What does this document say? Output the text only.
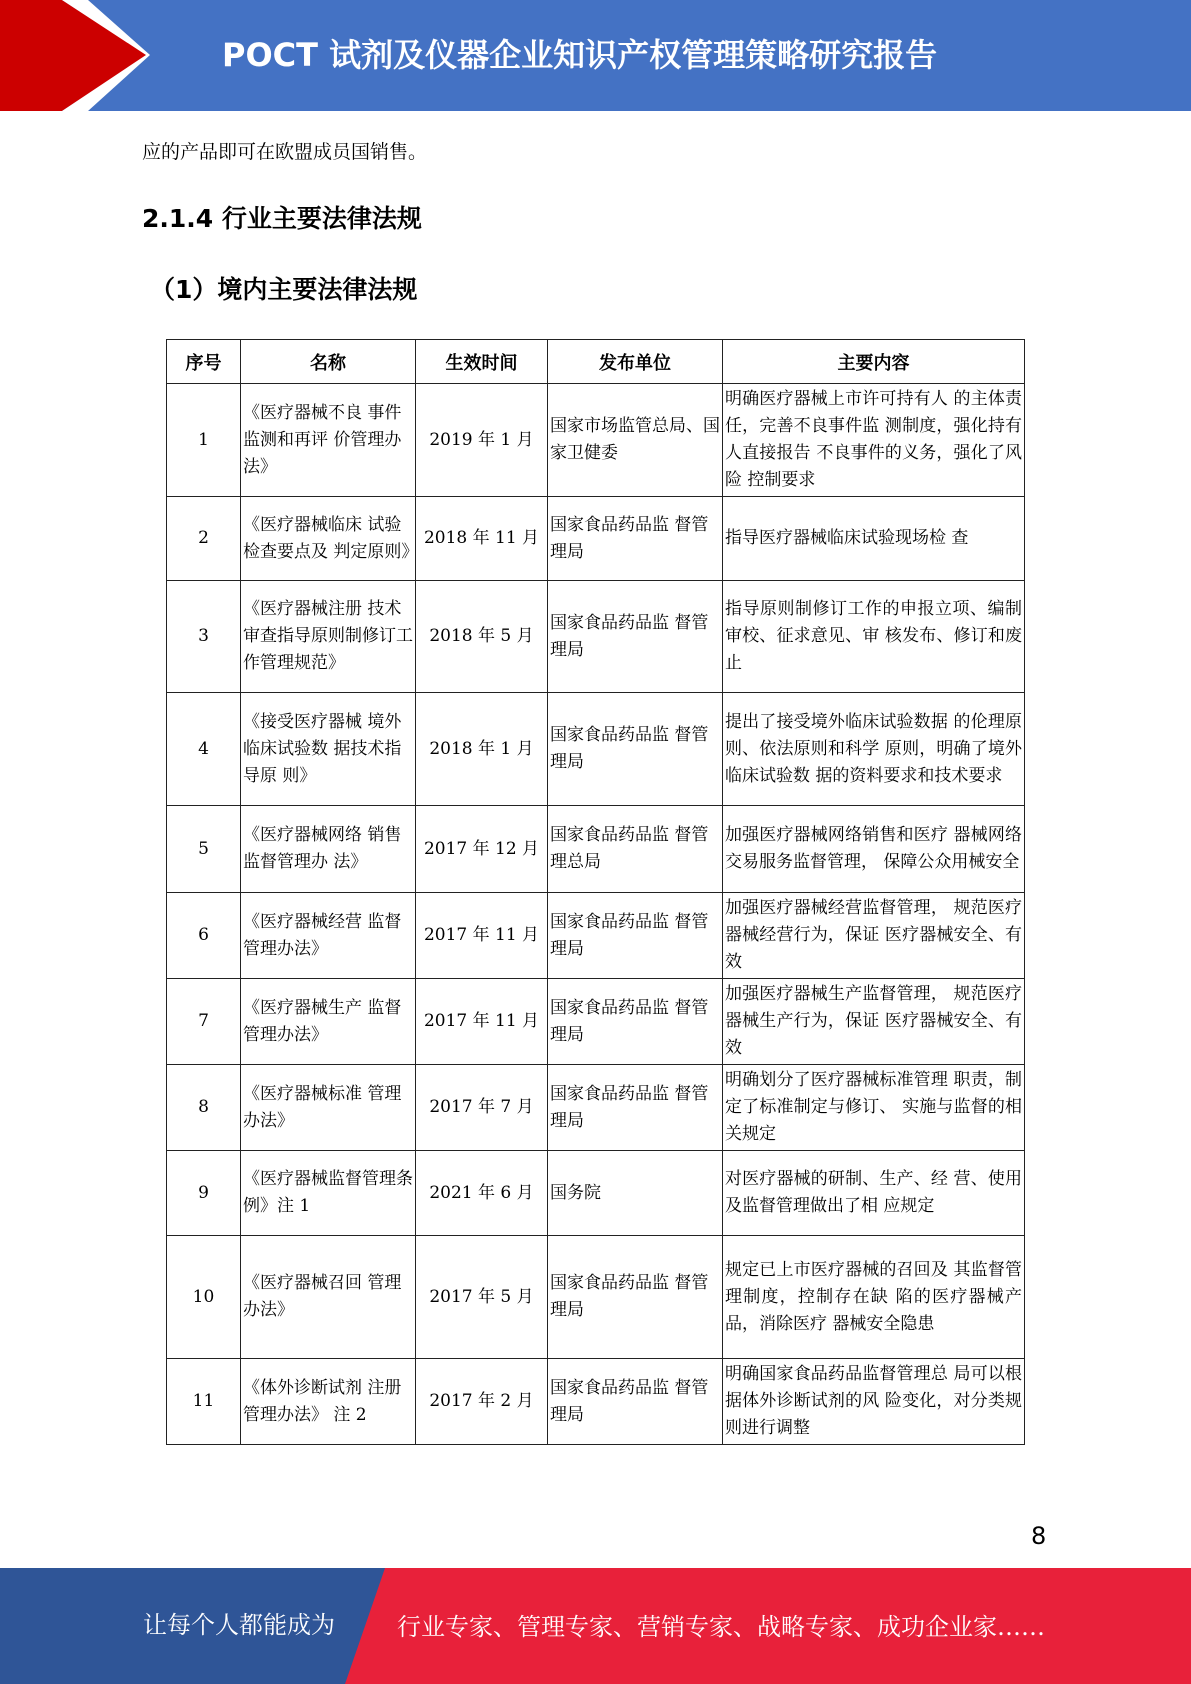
POCT 试剂及仪器企业知识产权管理策略研究报告
应的产品即可在欧盟成员国销售。
2.1.4 行业主要法律法规
（1）境内主要法律法规
序号	名称	生效时间	发布单位	主要内容
1	《医疗器械不良 事件监测和再评 价管理办法》	2019 年 1 月	国家市场监管总局、国家卫健委	明确医疗器械上市许可持有人 的主体责任，完善不良事件监 测制度，强化持有人直接报告 不良事件的义务，强化了风险 控制要求
2	《医疗器械临床 试验检查要点及 判定原则》	2018 年 11 月	国家食品药品监 督管理局	指导医疗器械临床试验现场检 查
3	《医疗器械注册 技术审查指导原则制修订工作管理规范》	2018 年 5 月	国家食品药品监 督管理局	指导原则制修订工作的申报立项、编制审校、征求意见、审 核发布、修订和废止
4	《接受医疗器械 境外临床试验数 据技术指导原 则》	2018 年 1 月	国家食品药品监 督管理局	提出了接受境外临床试验数据 的伦理原则、依法原则和科学 原则，明确了境外临床试验数 据的资料要求和技术要求
5	《医疗器械网络 销售监督管理办 法》	2017 年 12 月	国家食品药品监 督管理总局	加强医疗器械网络销售和医疗 器械网络交易服务监督管理， 保障公众用械安全
6	《医疗器械经营 监督管理办法》	2017 年 11 月	国家食品药品监 督管理局	加强医疗器械经营监督管理， 规范医疗器械经营行为，保证 医疗器械安全、有效
7	《医疗器械生产 监督管理办法》	2017 年 11 月	国家食品药品监 督管理局	加强医疗器械生产监督管理， 规范医疗器械生产行为，保证 医疗器械安全、有效
8	《医疗器械标准 管理办法》	2017 年 7 月	国家食品药品监 督管理局	明确划分了医疗器械标准管理 职责，制定了标准制定与修订、 实施与监督的相关规定
9	《医疗器械监督管理条例》注 1	2021 年 6 月	国务院	对医疗器械的研制、生产、经 营、使用及监督管理做出了相 应规定
10	《医疗器械召回 管理办法》	2017 年 5 月	国家食品药品监 督管理局	规定已上市医疗器械的召回及 其监督管理制度，控制存在缺 陷的医疗器械产品，消除医疗 器械安全隐患
11	《体外诊断试剂 注册管理办法》 注 2	2017 年 2 月	国家食品药品监 督管理局	明确国家食品药品监督管理总 局可以根据体外诊断试剂的风 险变化，对分类规则进行调整
8
让每个人都能成为	行业专家、管理专家、营销专家、战略专家、成功企业家……
